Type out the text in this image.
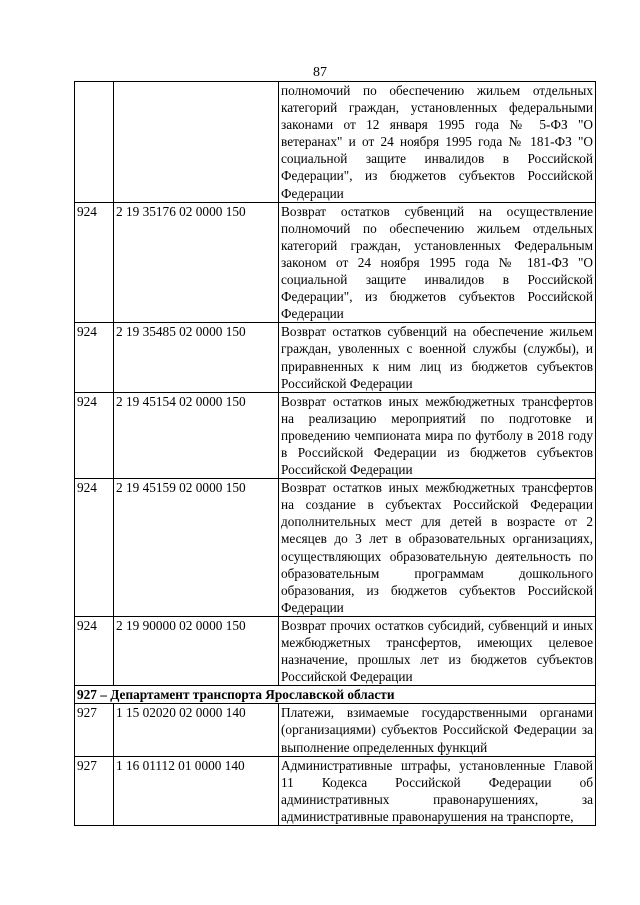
87
		полномочий по обеспечению жильем отдельных категорий граждан, установленных федеральными законами от 12 января 1995 года № 5-ФЗ "О ветеранах" и от 24 ноября 1995 года № 181-ФЗ "О социальной защите инвалидов в Российской Федерации", из бюджетов субъектов Российской Федерации
924	2 19 35176 02 0000 150	Возврат остатков субвенций на осуществление полномочий по обеспечению жильем отдельных категорий граждан, установленных Федеральным законом от 24 ноября 1995 года № 181-ФЗ "О социальной защите инвалидов в Российской Федерации", из бюджетов субъектов Российской Федерации
924	2 19 35485 02 0000 150	Возврат остатков субвенций на обеспечение жильем граждан, уволенных с военной службы (службы), и приравненных к ним лиц из бюджетов субъектов Российской Федерации
924	2 19 45154 02 0000 150	Возврат остатков иных межбюджетных трансфертов на реализацию мероприятий по подготовке и проведению чемпионата мира по футболу в 2018 году в Российской Федерации из бюджетов субъектов Российской Федерации
924	2 19 45159 02 0000 150	Возврат остатков иных межбюджетных трансфертов на создание в субъектах Российской Федерации дополнительных мест для детей в возрасте от 2 месяцев до 3 лет в образовательных организациях, осуществляющих образовательную деятельность по образовательным программам дошкольного образования, из бюджетов субъектов Российской Федерации
924	2 19 90000 02 0000 150	Возврат прочих остатков субсидий, субвенций и иных межбюджетных трансфертов, имеющих целевое назначение, прошлых лет из бюджетов субъектов Российской Федерации
927 – Департамент транспорта Ярославской области		
927	1 15 02020 02 0000 140	Платежи, взимаемые государственными органами (организациями) субъектов Российской Федерации за выполнение определенных функций
927	1 16 01112 01 0000 140	Административные штрафы, установленные Главой 11 Кодекса Российской Федерации об административных правонарушениях, за административные правонарушения на транспорте,
